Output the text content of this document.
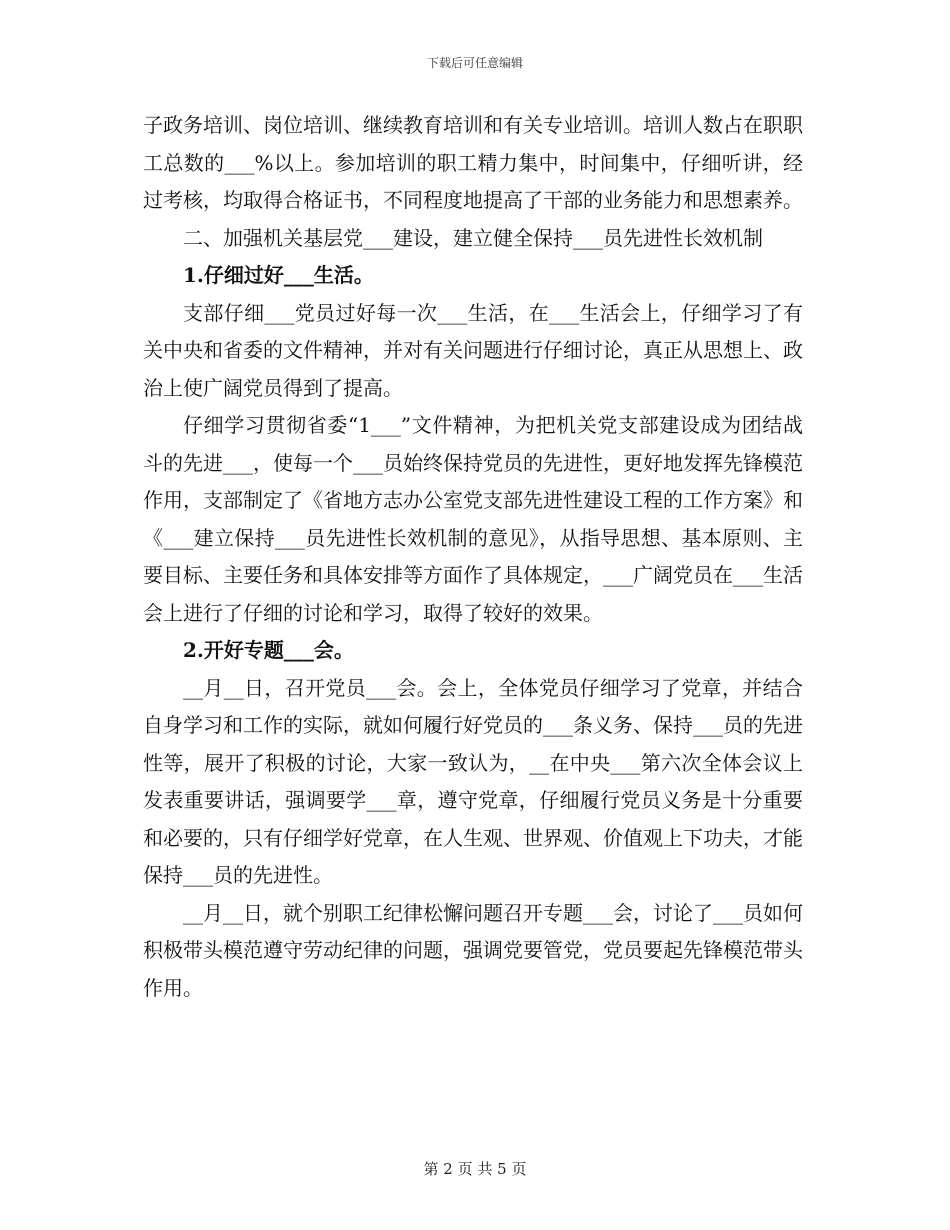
下载后可任意编辑

子政务培训、岗位培训、继续教育培训和有关专业培训。培训人数占在职职工总数的___%以上。参加培训的职工精力集中，时间集中，仔细听讲，经过考核，均取得合格证书，不同程度地提高了干部的业务能力和思想素养。

二、加强机关基层党___建设，建立健全保持___员先进性长效机制

1.仔细过好___生活。

支部仔细___党员过好每一次___生活，在___生活会上，仔细学习了有关中央和省委的文件精神，并对有关问题进行仔细讨论，真正从思想上、政治上使广阔党员得到了提高。

仔细学习贯彻省委“1___”文件精神，为把机关党支部建设成为团结战斗的先进___，使每一个___员始终保持党员的先进性，更好地发挥先锋模范作用，支部制定了《省地方志办公室党支部先进性建设工程的工作方案》和《___建立保持___员先进性长效机制的意见》，从指导思想、基本原则、主要目标、主要任务和具体安排等方面作了具体规定，___广阔党员在___生活会上进行了仔细的讨论和学习，取得了较好的效果。

2.开好专题___会。

__月__日，召开党员___会。会上，全体党员仔细学习了党章，并结合自身学习和工作的实际，就如何履行好党员的___条义务、保持___员的先进性等，展开了积极的讨论，大家一致认为，__在中央___第六次全体会议上发表重要讲话，强调要学___章，遵守党章，仔细履行党员义务是十分重要和必要的，只有仔细学好党章，在人生观、世界观、价值观上下功夫，才能保持___员的先进性。

__月__日，就个别职工纪律松懈问题召开专题___会，讨论了___员如何积极带头模范遵守劳动纪律的问题，强调党要管党，党员要起先锋模范带头作用。

第 2 页 共 5 页
